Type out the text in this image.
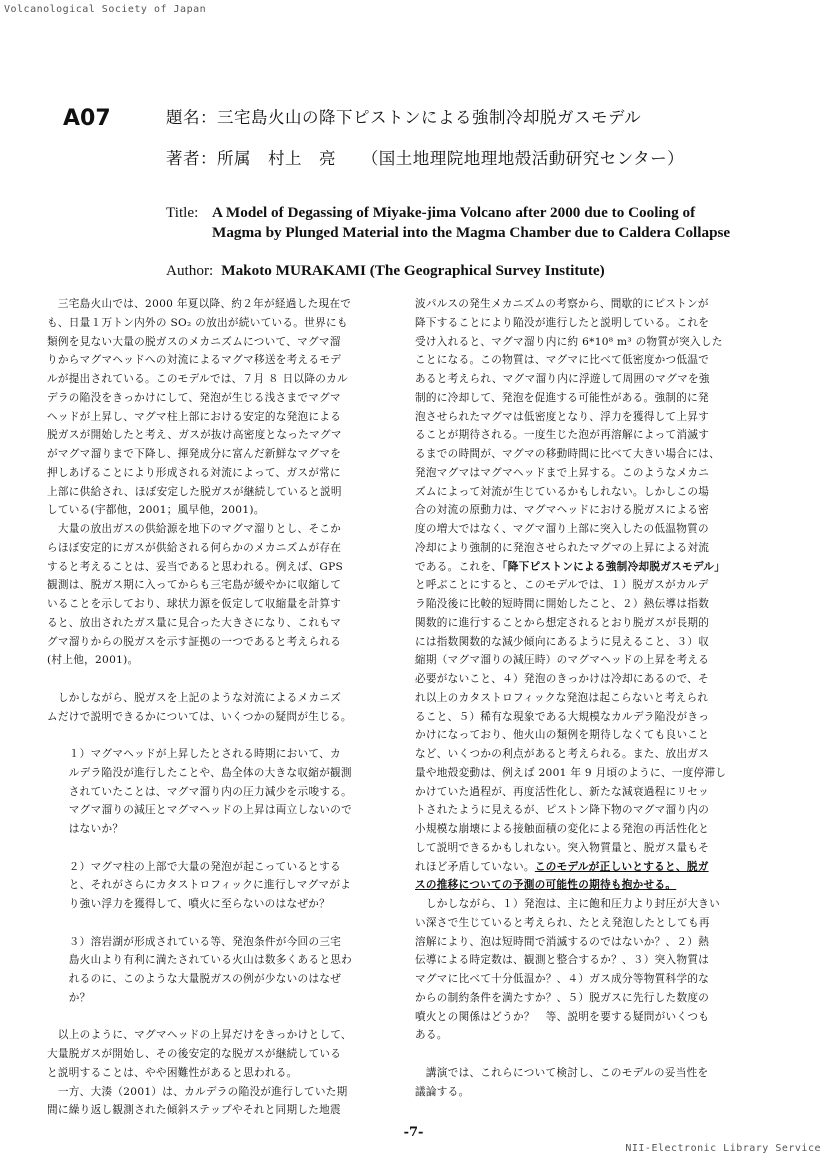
Volcanological Society of Japan
A07	題名：三宅島火山の降下ピストンによる強制冷却脱ガスモデル
著者：所属　村上　亮　　（国土地理院地理地殻活動研究センター）
Title: A Model of Degassing of Miyake-jima Volcano after 2000 due to Cooling of
Magma by Plunged Material into the Magma Chamber due to Caldera Collapse
Author: Makoto MURAKAMI (The Geographical Survey Institute)
　三宅島火山では、2000 年夏以降、約２年が経過した現在で
も、日量１万トン内外の SO₂ の放出が続いている。世界にも
類例を見ない大量の脱ガスのメカニズムについて、マグマ溜
りからマグマヘッドへの対流によるマグマ移送を考えるモデ
ルが提出されている。このモデルでは、７月 ８ 日以降のカル
デラの陥没をきっかけにして、発泡が生じる浅さまでマグマ
ヘッドが上昇し、マグマ柱上部における安定的な発泡による
脱ガスが開始したと考え、ガスが抜け高密度となったマグマ
がマグマ溜りまで下降し、揮発成分に富んだ新鮮なマグマを
押しあげることにより形成される対流によって、ガスが常に
上部に供給され、ほぼ安定した脱ガスが継続していると説明
している(宇都他，2001；風早他，2001)。
　大量の放出ガスの供給源を地下のマグマ溜りとし、そこか
らほぼ安定的にガスが供給される何らかのメカニズムが存在
すると考えることは、妥当であると思われる。例えば、GPS
観測は、脱ガス期に入ってからも三宅島が緩やかに収縮して
いることを示しており、球状力源を仮定して収縮量を計算す
ると、放出されたガス量に見合った大きさになり、これもマ
グマ溜りからの脱ガスを示す証拠の一つであると考えられる
(村上他，2001)。
　しかしながら、脱ガスを上記のような対流によるメカニズ
ムだけで説明できるかについては、いくつかの疑問が生じる。
　　１）マグマヘッドが上昇したとされる時期において、カ
　　ルデラ陥没が進行したことや、島全体の大きな収縮が観測
　　されていたことは、マグマ溜り内の圧力減少を示唆する。
　　マグマ溜りの減圧とマグマヘッドの上昇は両立しないので
　　はないか？
　　２）マグマ柱の上部で大量の発泡が起こっているとする
　　と、それがさらにカタストロフィックに進行しマグマがよ
　　り強い浮力を獲得して、噴火に至らないのはなぜか？
　　３）溶岩湖が形成されている等、発泡条件が今回の三宅
　　島火山より有利に満たされている火山は数多くあると思わ
　　れるのに、このような大量脱ガスの例が少ないのはなぜ
　　か？
　以上のように、マグマヘッドの上昇だけをきっかけとして、
大量脱ガスが開始し、その後安定的な脱ガスが継続している
と説明することは、やや困難性があると思われる。
　一方、大湊（2001）は、カルデラの陥没が進行していた期
間に繰り返し観測された傾斜ステップやそれと同期した地震
波パルスの発生メカニズムの考察から、間歇的にピストンが
降下することにより陥没が進行したと説明している。これを
受け入れると、マグマ溜り内に約 6*10⁸ m³ の物質が突入した
ことになる。この物質は、マグマに比べて低密度かつ低温で
あると考えられ、マグマ溜り内に浮遊して周囲のマグマを強
制的に冷却して、発泡を促進する可能性がある。強制的に発
泡させられたマグマは低密度となり、浮力を獲得して上昇す
ることが期待される。一度生じた泡が再溶解によって消滅す
るまでの時間が、マグマの移動時間に比べて大きい場合には、
発泡マグマはマグマヘッドまで上昇する。このようなメカニ
ズムによって対流が生じているかもしれない。しかしこの場
合の対流の原動力は、マグマヘッドにおける脱ガスによる密
度の増大ではなく、マグマ溜り上部に突入したの低温物質の
冷却により強制的に発泡させられたマグマの上昇による対流
である。これを、「降下ピストンによる強制冷却脱ガスモデル」
と呼ぶことにすると、このモデルでは、１）脱ガスがカルデ
ラ陥没後に比較的短時間に開始したこと、２）熱伝導は指数
関数的に進行することから想定されるとおり脱ガスが長期的
には指数関数的な減少傾向にあるように見えること、３）収
縮期（マグマ溜りの減圧時）のマグマヘッドの上昇を考える
必要がないこと、４）発泡のきっかけは冷却にあるので、そ
れ以上のカタストロフィックな発泡は起こらないと考えられ
ること、５）稀有な現象である大規模なカルデラ陥没がきっ
かけになっており、他火山の類例を期待しなくても良いこと
など、いくつかの利点があると考えられる。また、放出ガス
量や地殻変動は、例えば 2001 年 9 月頃のように、一度停滞し
かけていた過程が、再度活性化し、新たな減衰過程にリセッ
トされたように見えるが、ピストン降下物のマグマ溜り内の
小規模な崩壊による接触面積の変化による発泡の再活性化と
して説明できるかもしれない。突入物質量と、脱ガス量もそ
れほど矛盾していない。このモデルが正しいとすると、脱ガ
スの推移についての予測の可能性の期待も抱かせる。
　しかしながら、１）発泡は、主に飽和圧力より封圧が大きい
い深さで生じていると考えられ、たとえ発泡したとしても再
溶解により、泡は短時間で消滅するのではないか？、２）熱
伝導による時定数は、観測と整合するか？、３）突入物質は
マグマに比べて十分低温か？、４）ガス成分等物質科学的な
からの制約条件を満たすか？、５）脱ガスに先行した数度の
噴火との関係はどうか？　等、説明を要する疑問がいくつも
ある。
　講演では、これらについて検討し、このモデルの妥当性を
議論する。
-7-
NII-Electronic Library Service
